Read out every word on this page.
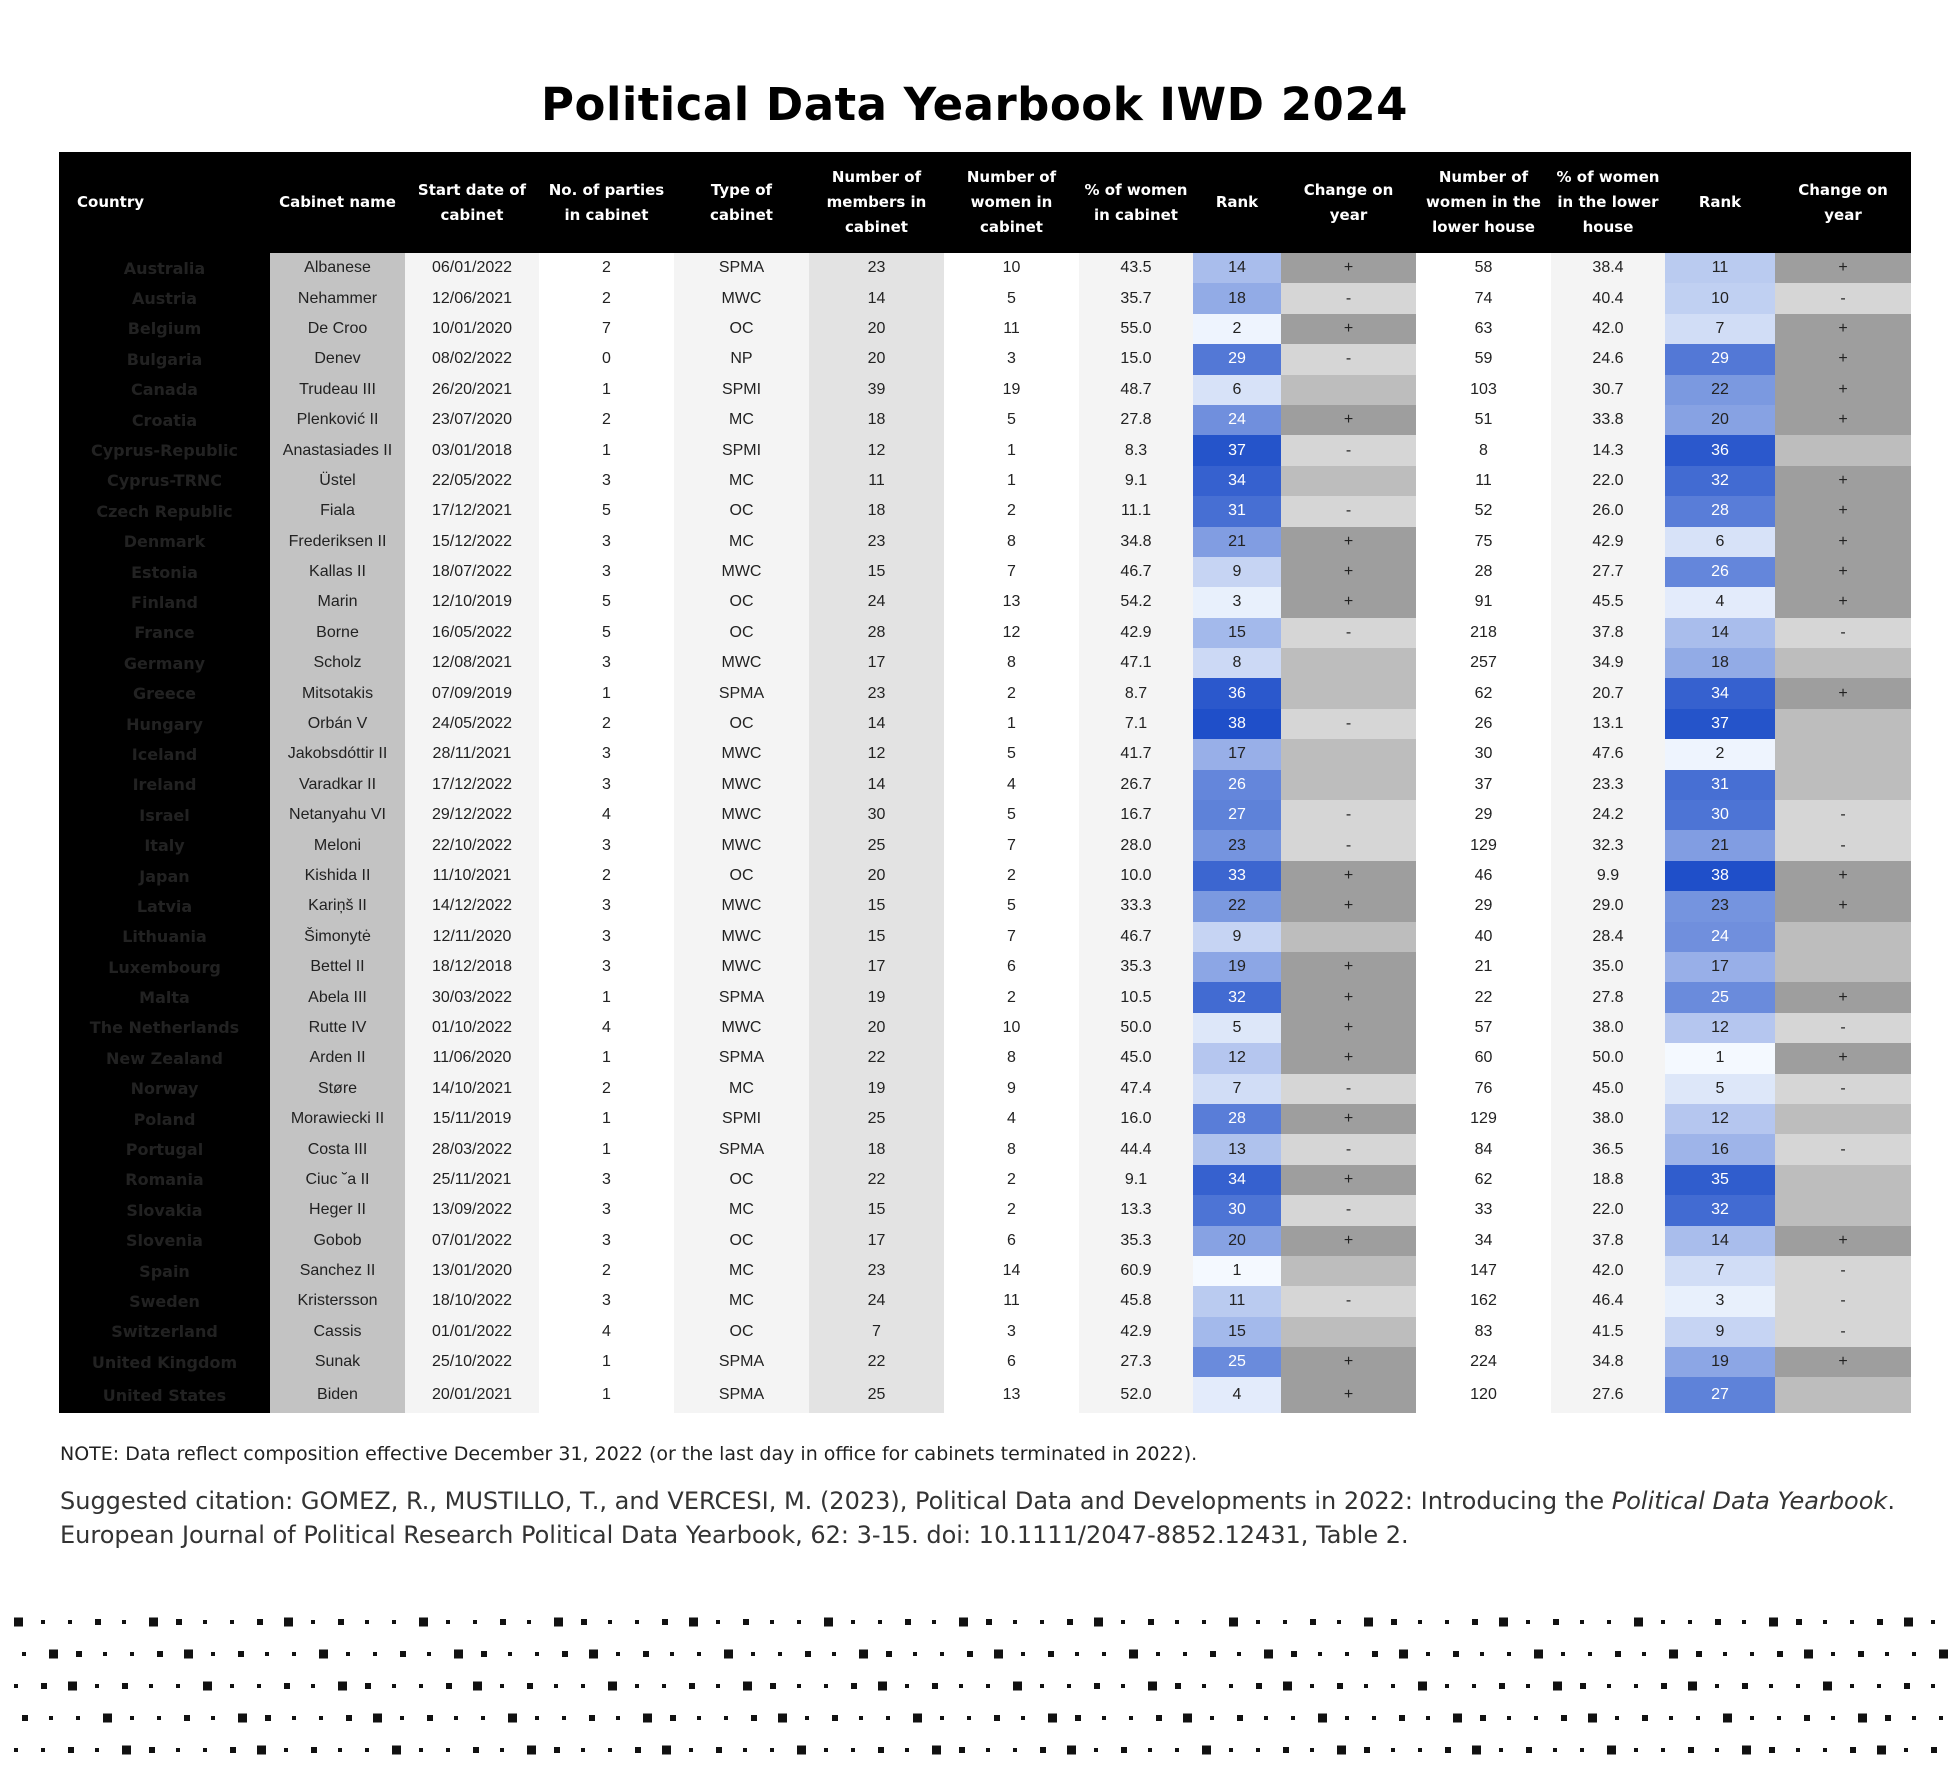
Political Data Yearbook IWD 2024
Country	Cabinet name	Start date of cabinet	No. of parties in cabinet	Type of cabinet	Number of members in cabinet	Number of women in cabinet	% of women in cabinet	Rank	Change on year	Number of women in the lower house	% of women in the lower house	Rank	Change on year
Australia	Albanese	06/01/2022	2	SPMA	23	10	43.5	14	+	58	38.4	11	+
Austria	Nehammer	12/06/2021	2	MWC	14	5	35.7	18	-	74	40.4	10	-
Belgium	De Croo	10/01/2020	7	OC	20	11	55.0	2	+	63	42.0	7	+
Bulgaria	Denev	08/02/2022	0	NP	20	3	15.0	29	-	59	24.6	29	+
Canada	Trudeau III	26/20/2021	1	SPMI	39	19	48.7	6		103	30.7	22	+
Croatia	Plenković II	23/07/2020	2	MC	18	5	27.8	24	+	51	33.8	20	+
Cyprus-Republic	Anastasiades II	03/01/2018	1	SPMI	12	1	8.3	37	-	8	14.3	36	
Cyprus-TRNC	Üstel	22/05/2022	3	MC	11	1	9.1	34		11	22.0	32	+
Czech Republic	Fiala	17/12/2021	5	OC	18	2	11.1	31	-	52	26.0	28	+
Denmark	Frederiksen II	15/12/2022	3	MC	23	8	34.8	21	+	75	42.9	6	+
Estonia	Kallas II	18/07/2022	3	MWC	15	7	46.7	9	+	28	27.7	26	+
Finland	Marin	12/10/2019	5	OC	24	13	54.2	3	+	91	45.5	4	+
France	Borne	16/05/2022	5	OC	28	12	42.9	15	-	218	37.8	14	-
Germany	Scholz	12/08/2021	3	MWC	17	8	47.1	8		257	34.9	18	
Greece	Mitsotakis	07/09/2019	1	SPMA	23	2	8.7	36		62	20.7	34	+
Hungary	Orbán V	24/05/2022	2	OC	14	1	7.1	38	-	26	13.1	37	
Iceland	Jakobsdóttir II	28/11/2021	3	MWC	12	5	41.7	17		30	47.6	2	
Ireland	Varadkar II	17/12/2022	3	MWC	14	4	26.7	26		37	23.3	31	
Israel	Netanyahu VI	29/12/2022	4	MWC	30	5	16.7	27	-	29	24.2	30	-
Italy	Meloni	22/10/2022	3	MWC	25	7	28.0	23	-	129	32.3	21	-
Japan	Kishida II	11/10/2021	2	OC	20	2	10.0	33	+	46	9.9	38	+
Latvia	Kariņš II	14/12/2022	3	MWC	15	5	33.3	22	+	29	29.0	23	+
Lithuania	Šimonytė	12/11/2020	3	MWC	15	7	46.7	9		40	28.4	24	
Luxembourg	Bettel II	18/12/2018	3	MWC	17	6	35.3	19	+	21	35.0	17	
Malta	Abela III	30/03/2022	1	SPMA	19	2	10.5	32	+	22	27.8	25	+
The Netherlands	Rutte IV	01/10/2022	4	MWC	20	10	50.0	5	+	57	38.0	12	-
New Zealand	Arden II	11/06/2020	1	SPMA	22	8	45.0	12	+	60	50.0	1	+
Norway	Støre	14/10/2021	2	MC	19	9	47.4	7	-	76	45.0	5	-
Poland	Morawiecki II	15/11/2019	1	SPMI	25	4	16.0	28	+	129	38.0	12	
Portugal	Costa III	28/03/2022	1	SPMA	18	8	44.4	13	-	84	36.5	16	-
Romania	Ciuc ˘a II	25/11/2021	3	OC	22	2	9.1	34	+	62	18.8	35	
Slovakia	Heger II	13/09/2022	3	MC	15	2	13.3	30	-	33	22.0	32	
Slovenia	Gobob	07/01/2022	3	OC	17	6	35.3	20	+	34	37.8	14	+
Spain	Sanchez II	13/01/2020	2	MC	23	14	60.9	1		147	42.0	7	-
Sweden	Kristersson	18/10/2022	3	MC	24	11	45.8	11	-	162	46.4	3	-
Switzerland	Cassis	01/01/2022	4	OC	7	3	42.9	15		83	41.5	9	-
United Kingdom	Sunak	25/10/2022	1	SPMA	22	6	27.3	25	+	224	34.8	19	+
United States	Biden	20/01/2021	1	SPMA	25	13	52.0	4	+	120	27.6	27	

NOTE: Data reflect composition effective December 31, 2022 (or the last day in office for cabinets terminated in 2022).

Suggested citation: GOMEZ, R., MUSTILLO, T., and VERCESI, M. (2023), Political Data and Developments in 2022: Introducing the Political Data Yearbook.
European Journal of Political Research Political Data Yearbook, 62: 3-15. doi: 10.1111/2047-8852.12431, Table 2.
